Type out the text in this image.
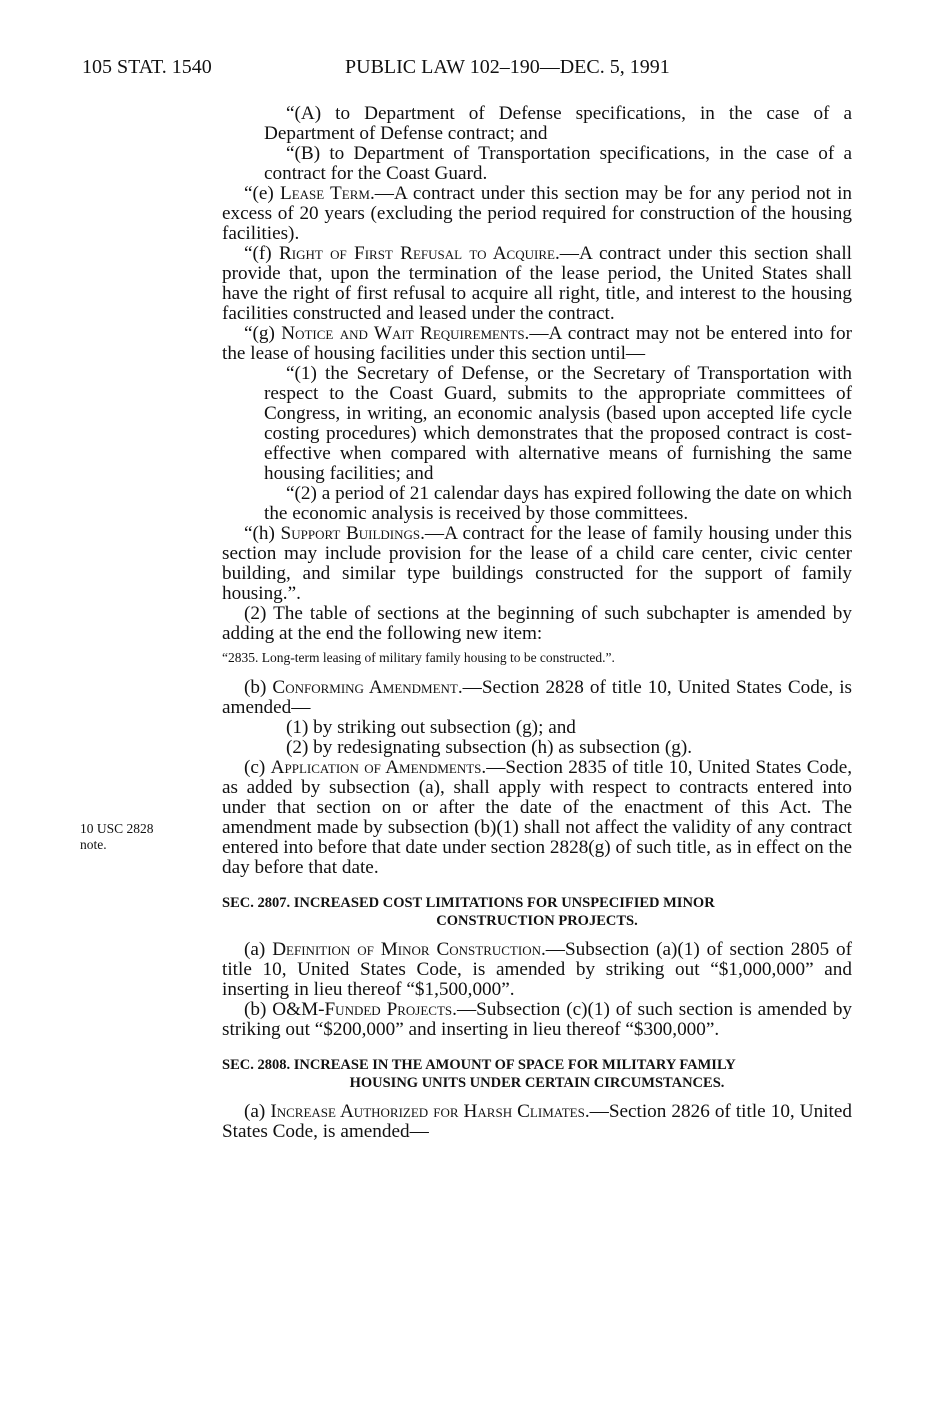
105 STAT. 1540	PUBLIC LAW 102–190—DEC. 5, 1991
10 USC 2828
note.

“(A) to Department of Defense specifications, in the case of a Department of Defense contract; and

“(B) to Department of Transportation specifications, in the case of a contract for the Coast Guard.

“(e) Lease Term.—A contract under this section may be for any period not in excess of 20 years (excluding the period required for construction of the housing facilities).

“(f) Right of First Refusal to Acquire.—A contract under this section shall provide that, upon the termination of the lease period, the United States shall have the right of first refusal to acquire all right, title, and interest to the housing facilities constructed and leased under the contract.

“(g) Notice and Wait Requirements.—A contract may not be entered into for the lease of housing facilities under this section until—

“(1) the Secretary of Defense, or the Secretary of Transportation with respect to the Coast Guard, submits to the appropriate committees of Congress, in writing, an economic analysis (based upon accepted life cycle costing procedures) which demonstrates that the proposed contract is cost-effective when compared with alternative means of furnishing the same housing facilities; and

“(2) a period of 21 calendar days has expired following the date on which the economic analysis is received by those committees.

“(h) Support Buildings.—A contract for the lease of family housing under this section may include provision for the lease of a child care center, civic center building, and similar type buildings constructed for the support of family housing.”.

(2) The table of sections at the beginning of such subchapter is amended by adding at the end the following new item:

“2835. Long-term leasing of military family housing to be constructed.”.

(b) Conforming Amendment.—Section 2828 of title 10, United States Code, is amended—

(1) by striking out subsection (g); and

(2) by redesignating subsection (h) as subsection (g).

(c) Application of Amendments.—Section 2835 of title 10, United States Code, as added by subsection (a), shall apply with respect to contracts entered into under that section on or after the date of the enactment of this Act. The amendment made by subsection (b)(1) shall not affect the validity of any contract entered into before that date under section 2828(g) of such title, as in effect on the day before that date.

SEC. 2807. INCREASED COST LIMITATIONS FOR UNSPECIFIED MINOR
CONSTRUCTION PROJECTS.

(a) Definition of Minor Construction.—Subsection (a)(1) of section 2805 of title 10, United States Code, is amended by striking out “$1,000,000” and inserting in lieu thereof “$1,500,000”.

(b) O&M-Funded Projects.—Subsection (c)(1) of such section is amended by striking out “$200,000” and inserting in lieu thereof “$300,000”.

SEC. 2808. INCREASE IN THE AMOUNT OF SPACE FOR MILITARY FAMILY
HOUSING UNITS UNDER CERTAIN CIRCUMSTANCES.

(a) Increase Authorized for Harsh Climates.—Section 2826 of title 10, United States Code, is amended—
